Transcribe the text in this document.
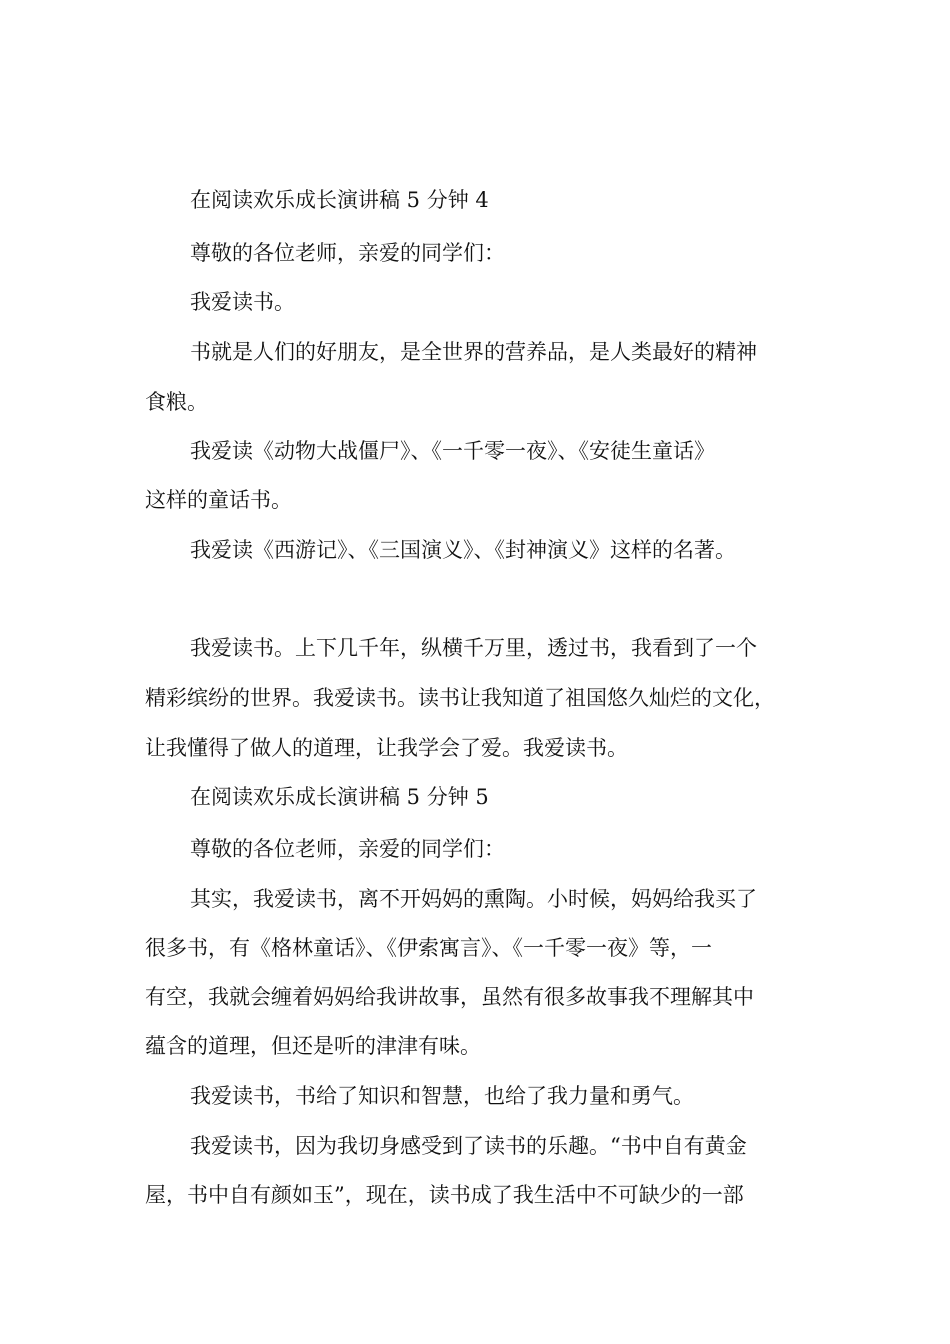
在阅读欢乐成长演讲稿 5 分钟 4
尊敬的各位老师，亲爱的同学们：
我爱读书。
书就是人们的好朋友，是全世界的营养品，是人类最好的精神
食粮。
我爱读《动物大战僵尸》、《一千零一夜》、《安徒生童话》
这样的童话书。
我爱读《西游记》、《三国演义》、《封神演义》这样的名著。
我爱读书。上下几千年，纵横千万里，透过书，我看到了一个
精彩缤纷的世界。我爱读书。读书让我知道了祖国悠久灿烂的文化，
让我懂得了做人的道理，让我学会了爱。我爱读书。
在阅读欢乐成长演讲稿 5 分钟 5
尊敬的各位老师，亲爱的同学们：
其实，我爱读书，离不开妈妈的熏陶。小时候，妈妈给我买了
很多书，有《格林童话》、《伊索寓言》、《一千零一夜》等，一
有空，我就会缠着妈妈给我讲故事，虽然有很多故事我不理解其中
蕴含的道理，但还是听的津津有味。
我爱读书，书给了知识和智慧，也给了我力量和勇气。
我爱读书，因为我切身感受到了读书的乐趣。“书中自有黄金
屋，书中自有颜如玉”，现在，读书成了我生活中不可缺少的一部
